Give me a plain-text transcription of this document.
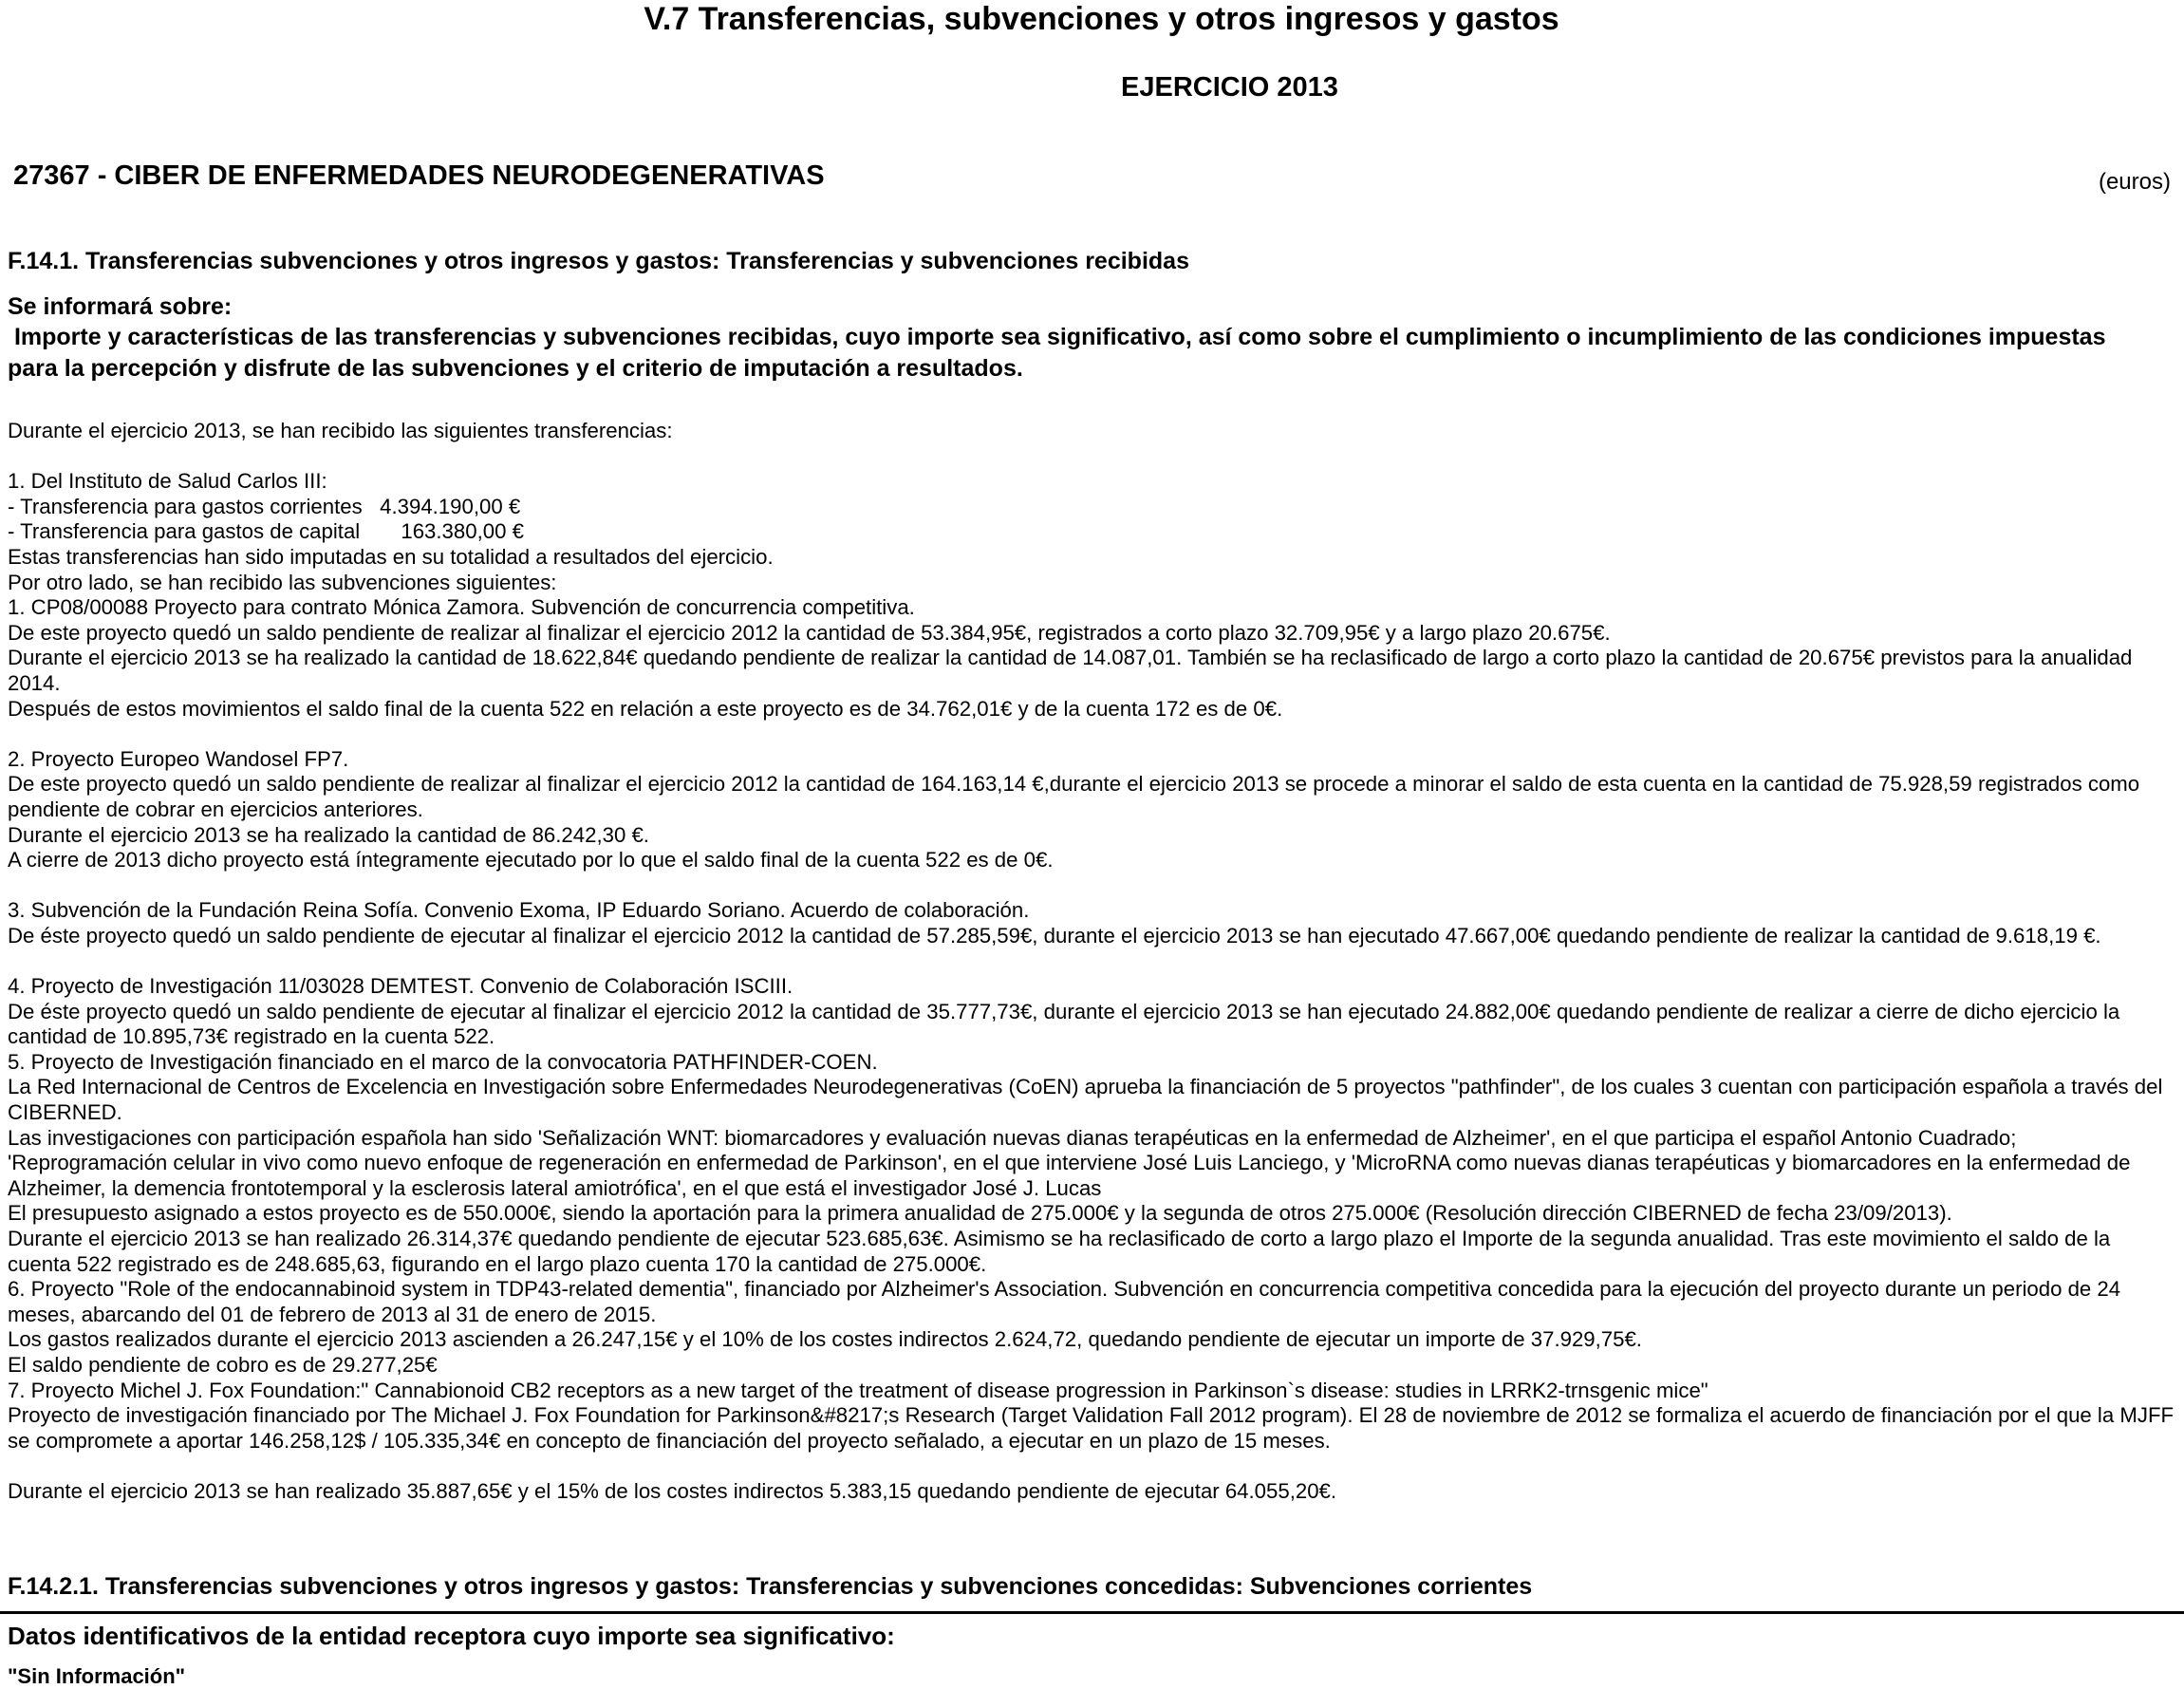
V.7 Transferencias, subvenciones y otros ingresos y gastos
EJERCICIO 2013
27367 - CIBER DE ENFERMEDADES NEURODEGENERATIVAS	(euros)
F.14.1. Transferencias subvenciones y otros ingresos y gastos: Transferencias y subvenciones recibidas
Se informará sobre:
Importe y características de las transferencias y subvenciones recibidas, cuyo importe sea significativo, así como sobre el cumplimiento o incumplimiento de las condiciones impuestas para la percepción y disfrute de las subvenciones y el criterio de imputación a resultados.

Durante el ejercicio 2013, se han recibido las siguientes transferencias:

1. Del Instituto de Salud Carlos III:

- Transferencia para gastos corrientes   4.394.190,00 €

- Transferencia para gastos de capital       163.380,00 €

Estas transferencias han sido imputadas en su totalidad a resultados del ejercicio.

Por otro lado, se han recibido las subvenciones siguientes:

1. CP08/00088 Proyecto para contrato Mónica Zamora. Subvención de concurrencia competitiva.

De este proyecto quedó un saldo pendiente de realizar al finalizar el ejercicio 2012 la cantidad de 53.384,95€, registrados a corto plazo 32.709,95€ y a largo plazo 20.675€.

Durante el ejercicio 2013 se ha realizado la cantidad de 18.622,84€ quedando pendiente de realizar la cantidad de 14.087,01. También se ha reclasificado de largo a corto plazo la cantidad de 20.675€ previstos para la anualidad 2014.

Después de estos movimientos el saldo final de la cuenta 522 en relación a este proyecto es de 34.762,01€ y de la cuenta 172 es de 0€.

2. Proyecto Europeo Wandosel FP7.

De este proyecto quedó un saldo pendiente de realizar al finalizar el ejercicio 2012 la cantidad de 164.163,14 €,durante el ejercicio 2013 se procede a minorar el saldo de esta cuenta en la cantidad de 75.928,59 registrados como pendiente de cobrar en ejercicios anteriores.

Durante el ejercicio 2013 se ha realizado la cantidad de 86.242,30 €.

A cierre de 2013 dicho proyecto está íntegramente ejecutado por lo que el saldo final de la cuenta 522 es de 0€.

3. Subvención de la Fundación Reina Sofía. Convenio Exoma, IP Eduardo Soriano. Acuerdo de colaboración.

De éste proyecto quedó un saldo pendiente de ejecutar al finalizar el ejercicio 2012 la cantidad de 57.285,59€, durante el ejercicio 2013 se han ejecutado 47.667,00€ quedando pendiente de realizar la cantidad de 9.618,19 €.

4. Proyecto de Investigación 11/03028 DEMTEST. Convenio de Colaboración ISCIII.

De éste proyecto quedó un saldo pendiente de ejecutar al finalizar el ejercicio 2012 la cantidad de 35.777,73€, durante el ejercicio 2013 se han ejecutado 24.882,00€ quedando pendiente de realizar a cierre de dicho ejercicio la cantidad de 10.895,73€ registrado en la cuenta 522.

5. Proyecto de Investigación financiado en el marco de la convocatoria PATHFINDER-COEN.

La Red Internacional de Centros de Excelencia en Investigación sobre Enfermedades Neurodegenerativas (CoEN) aprueba la financiación de 5 proyectos "pathfinder", de los cuales 3 cuentan con participación española a través del CIBERNED.

Las investigaciones con participación española han sido 'Señalización WNT: biomarcadores y evaluación nuevas dianas terapéuticas en la enfermedad de Alzheimer', en el que participa el español Antonio Cuadrado; 'Reprogramación celular in vivo como nuevo enfoque de regeneración en enfermedad de Parkinson', en el que interviene José Luis Lanciego, y 'MicroRNA como nuevas dianas terapéuticas y biomarcadores en la enfermedad de Alzheimer, la demencia frontotemporal y la esclerosis lateral amiotrófica', en el que está el investigador José J. Lucas

El presupuesto asignado a estos proyecto es de 550.000€, siendo la aportación para la primera anualidad de 275.000€ y la segunda de otros 275.000€ (Resolución dirección CIBERNED de fecha 23/09/2013).

Durante el ejercicio 2013 se han realizado 26.314,37€ quedando pendiente de ejecutar 523.685,63€. Asimismo se ha reclasificado de corto a largo plazo el Importe de la segunda anualidad. Tras este movimiento el saldo de la cuenta 522 registrado es de 248.685,63, figurando en el largo plazo cuenta 170 la cantidad de 275.000€.

6. Proyecto "Role of the endocannabinoid system in TDP43-related dementia", financiado por Alzheimer's Association. Subvención en concurrencia competitiva concedida para la ejecución del proyecto durante un periodo de 24 meses, abarcando del 01 de febrero de 2013 al 31 de enero de 2015.

Los gastos realizados durante el ejercicio 2013 ascienden a 26.247,15€ y el 10% de los costes indirectos 2.624,72, quedando pendiente de ejecutar un importe de 37.929,75€.

El saldo pendiente de cobro es de 29.277,25€

7. Proyecto Michel J. Fox Foundation:" Cannabionoid CB2 receptors as a new target of the treatment of disease progression in Parkinson`s disease: studies in LRRK2-trnsgenic mice"

Proyecto de investigación financiado por The Michael J. Fox Foundation for Parkinson&#8217;s Research (Target Validation Fall 2012 program). El 28 de noviembre de 2012 se formaliza el acuerdo de financiación por el que la MJFF se compromete a aportar 146.258,12$ / 105.335,34€ en concepto de financiación del proyecto señalado, a ejecutar en un plazo de 15 meses.

Durante el ejercicio 2013 se han realizado 35.887,65€ y el 15% de los costes indirectos 5.383,15 quedando pendiente de ejecutar 64.055,20€.

F.14.2.1. Transferencias subvenciones y otros ingresos y gastos: Transferencias y subvenciones concedidas: Subvenciones corrientes
Datos identificativos de la entidad receptora cuyo importe sea significativo:
"Sin Información"
